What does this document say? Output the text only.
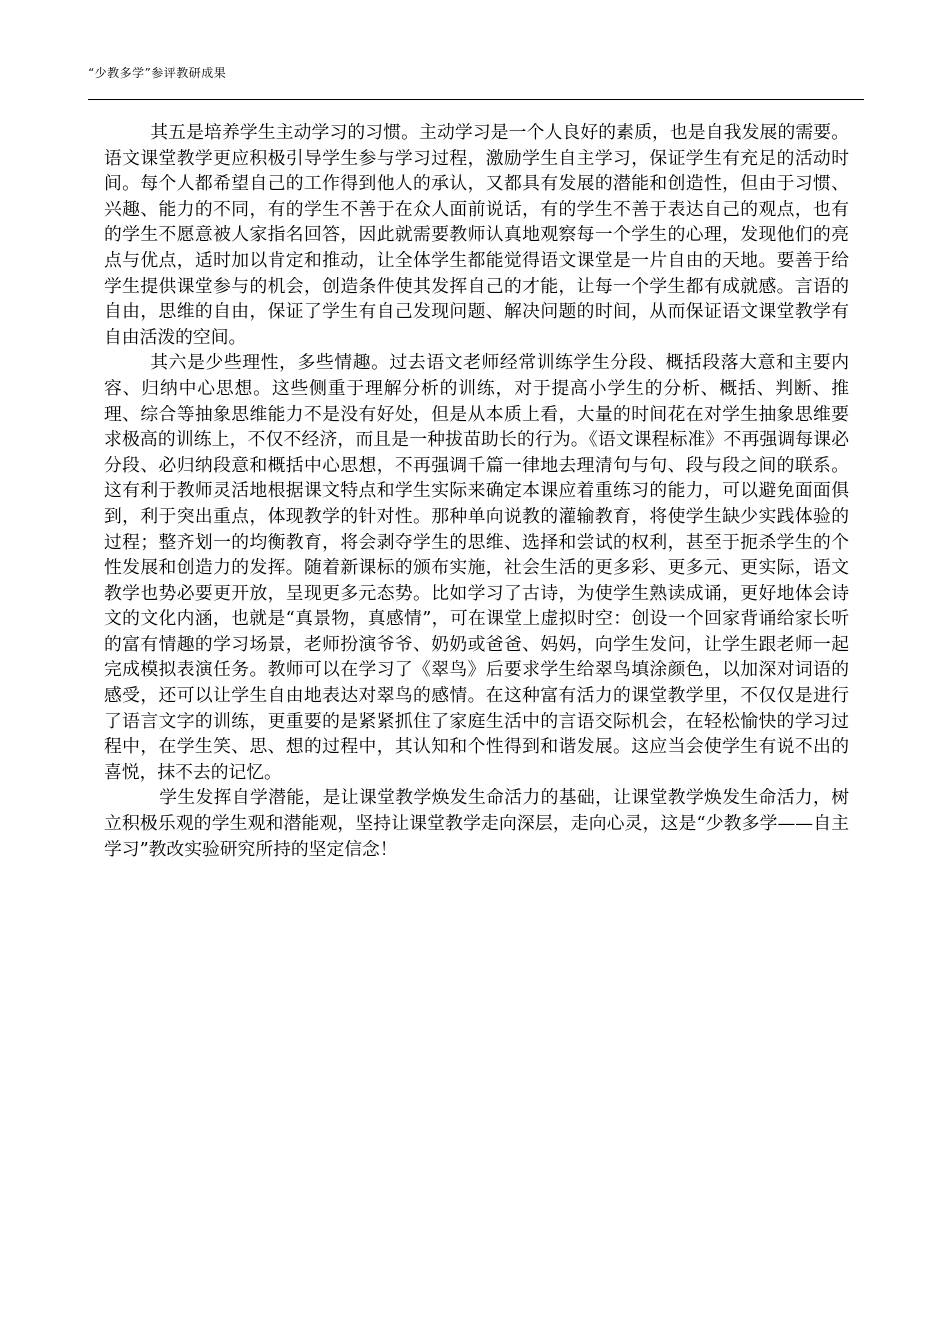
“少教多学”参评教研成果

其五是培养学生主动学习的习惯。主动学习是一个人良好的素质，也是自我发展的需要。语文课堂教学更应积极引导学生参与学习过程，激励学生自主学习，保证学生有充足的活动时间。每个人都希望自己的工作得到他人的承认，又都具有发展的潜能和创造性，但由于习惯、兴趣、能力的不同，有的学生不善于在众人面前说话，有的学生不善于表达自己的观点，也有的学生不愿意被人家指名回答，因此就需要教师认真地观察每一个学生的心理，发现他们的亮点与优点，适时加以肯定和推动，让全体学生都能觉得语文课堂是一片自由的天地。要善于给学生提供课堂参与的机会，创造条件使其发挥自己的才能，让每一个学生都有成就感。言语的自由，思维的自由，保证了学生有自己发现问题、解决问题的时间，从而保证语文课堂教学有自由活泼的空间。

其六是少些理性，多些情趣。过去语文老师经常训练学生分段、概括段落大意和主要内容、归纳中心思想。这些侧重于理解分析的训练，对于提高小学生的分析、概括、判断、推理、综合等抽象思维能力不是没有好处，但是从本质上看，大量的时间花在对学生抽象思维要求极高的训练上，不仅不经济，而且是一种拔苗助长的行为。《语文课程标准》不再强调每课必分段、必归纳段意和概括中心思想，不再强调千篇一律地去理清句与句、段与段之间的联系。这有利于教师灵活地根据课文特点和学生实际来确定本课应着重练习的能力，可以避免面面俱到，利于突出重点，体现教学的针对性。那种单向说教的灌输教育，将使学生缺少实践体验的过程；整齐划一的均衡教育，将会剥夺学生的思维、选择和尝试的权利，甚至于扼杀学生的个性发展和创造力的发挥。随着新课标的颁布实施，社会生活的更多彩、更多元、更实际，语文教学也势必要更开放，呈现更多元态势。比如学习了古诗，为使学生熟读成诵，更好地体会诗文的文化内涵，也就是“真景物，真感情”，可在课堂上虚拟时空：创设一个回家背诵给家长听的富有情趣的学习场景，老师扮演爷爷、奶奶或爸爸、妈妈，向学生发问，让学生跟老师一起完成模拟表演任务。教师可以在学习了《翠鸟》后要求学生给翠鸟填涂颜色，以加深对词语的感受，还可以让学生自由地表达对翠鸟的感情。在这种富有活力的课堂教学里，不仅仅是进行了语言文字的训练，更重要的是紧紧抓住了家庭生活中的言语交际机会，在轻松愉快的学习过程中，在学生笑、思、想的过程中，其认知和个性得到和谐发展。这应当会使学生有说不出的喜悦，抹不去的记忆。

学生发挥自学潜能，是让课堂教学焕发生命活力的基础，让课堂教学焕发生命活力，树立积极乐观的学生观和潜能观，坚持让课堂教学走向深层，走向心灵，这是“少教多学——自主学习”教改实验研究所持的坚定信念！
